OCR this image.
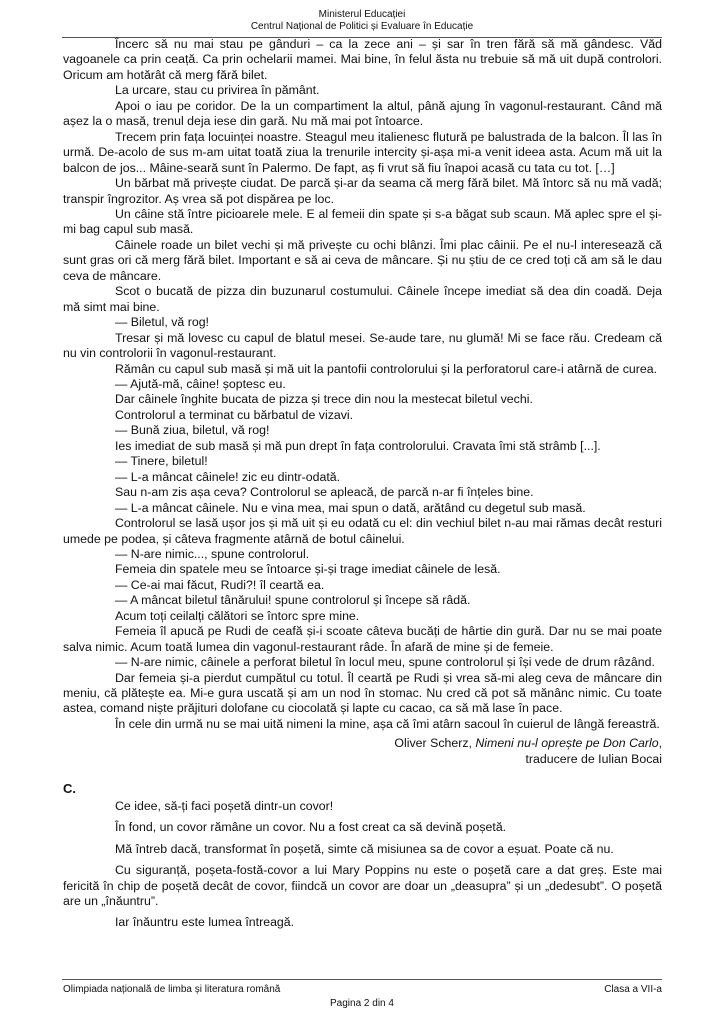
Ministerul Educației
Centrul Național de Politici și Evaluare în Educație

Încerc să nu mai stau pe gânduri – ca la zece ani – și sar în tren fără să mă gândesc. Văd vagoanele ca prin ceață. Ca prin ochelarii mamei. Mai bine, în felul ăsta nu trebuie să mă uit după controlori. Oricum am hotărât că merg fără bilet.

La urcare, stau cu privirea în pământ.

Apoi o iau pe coridor. De la un compartiment la altul, până ajung în vagonul-restaurant. Când mă așez la o masă, trenul deja iese din gară. Nu mă mai pot întoarce.

Trecem prin fața locuinței noastre. Steagul meu italienesc flutură pe balustrada de la balcon. Îl las în urmă. De-acolo de sus m-am uitat toată ziua la trenurile intercity și-așa mi-a venit ideea asta. Acum mă uit la balcon de jos... Mâine-seară sunt în Palermo. De fapt, aș fi vrut să fiu înapoi acasă cu tata cu tot. […]

Un bărbat mă privește ciudat. De parcă și-ar da seama că merg fără bilet. Mă întorc să nu mă vadă; transpir îngrozitor. Aș vrea să pot dispărea pe loc.

Un câine stă între picioarele mele. E al femeii din spate și s-a băgat sub scaun. Mă aplec spre el și-mi bag capul sub masă.

Câinele roade un bilet vechi și mă privește cu ochi blânzi. Îmi plac câinii. Pe el nu-l interesează că sunt gras ori că merg fără bilet. Important e să ai ceva de mâncare. Și nu știu de ce cred toți că am să le dau ceva de mâncare.

Scot o bucată de pizza din buzunarul costumului. Câinele începe imediat să dea din coadă. Deja mă simt mai bine.

— Biletul, vă rog!

Tresar și mă lovesc cu capul de blatul mesei. Se-aude tare, nu glumă! Mi se face rău. Credeam că nu vin controlorii în vagonul-restaurant.

Rămân cu capul sub masă și mă uit la pantofii controlorului și la perforatorul care-i atârnă de curea.

— Ajută-mă, câine! șoptesc eu.

Dar câinele înghite bucata de pizza și trece din nou la mestecat biletul vechi.

Controlorul a terminat cu bărbatul de vizavi.

— Bună ziua, biletul, vă rog!

Ies imediat de sub masă și mă pun drept în fața controlorului. Cravata îmi stă strâmb [...].

— Tinere, biletul!

— L-a mâncat câinele! zic eu dintr-odată.

Sau n-am zis așa ceva? Controlorul se apleacă, de parcă n-ar fi înțeles bine.

— L-a mâncat câinele. Nu e vina mea, mai spun o dată, arătând cu degetul sub masă.

Controlorul se lasă ușor jos și mă uit și eu odată cu el: din vechiul bilet n-au mai rămas decât resturi umede pe podea, și câteva fragmente atârnă de botul câinelui.

— N-are nimic..., spune controlorul.

Femeia din spatele meu se întoarce și-și trage imediat câinele de lesă.

— Ce-ai mai făcut, Rudi?! îl ceartă ea.

— A mâncat biletul tânărului! spune controlorul și începe să râdă.

Acum toți ceilalți călători se întorc spre mine.

Femeia îl apucă pe Rudi de ceafă și-i scoate câteva bucăți de hârtie din gură. Dar nu se mai poate salva nimic. Acum toată lumea din vagonul-restaurant râde. În afară de mine și de femeie.

— N-are nimic, câinele a perforat biletul în locul meu, spune controlorul și își vede de drum râzând.

Dar femeia și-a pierdut cumpătul cu totul. Îl ceartă pe Rudi și vrea să-mi aleg ceva de mâncare din meniu, că plătește ea. Mi-e gura uscată și am un nod în stomac. Nu cred că pot să mănânc nimic. Cu toate astea, comand niște prăjituri dolofane cu ciocolată și lapte cu cacao, ca să mă lase în pace.

În cele din urmă nu se mai uită nimeni la mine, așa că îmi atârn sacoul în cuierul de lângă fereastră.

Oliver Scherz, Nimeni nu-l oprește pe Don Carlo,
traducere de Iulian Bocai
C.

Ce idee, să-ți faci poșetă dintr-un covor!

În fond, un covor rămâne un covor. Nu a fost creat ca să devină poșetă.

Mă întreb dacă, transformat în poșetă, simte că misiunea sa de covor a eșuat. Poate că nu.

Cu siguranță, poșeta-fostă-covor a lui Mary Poppins nu este o poșetă care a dat greș. Este mai fericită în chip de poșetă decât de covor, fiindcă un covor are doar un „deasupra” și un „dedesubt”. O poșetă are un „înăuntru”.

Iar înăuntru este lumea întreagă.

Olimpiada națională de limba și literatura română	Clasa a VII-a
Pagina 2 din 4
